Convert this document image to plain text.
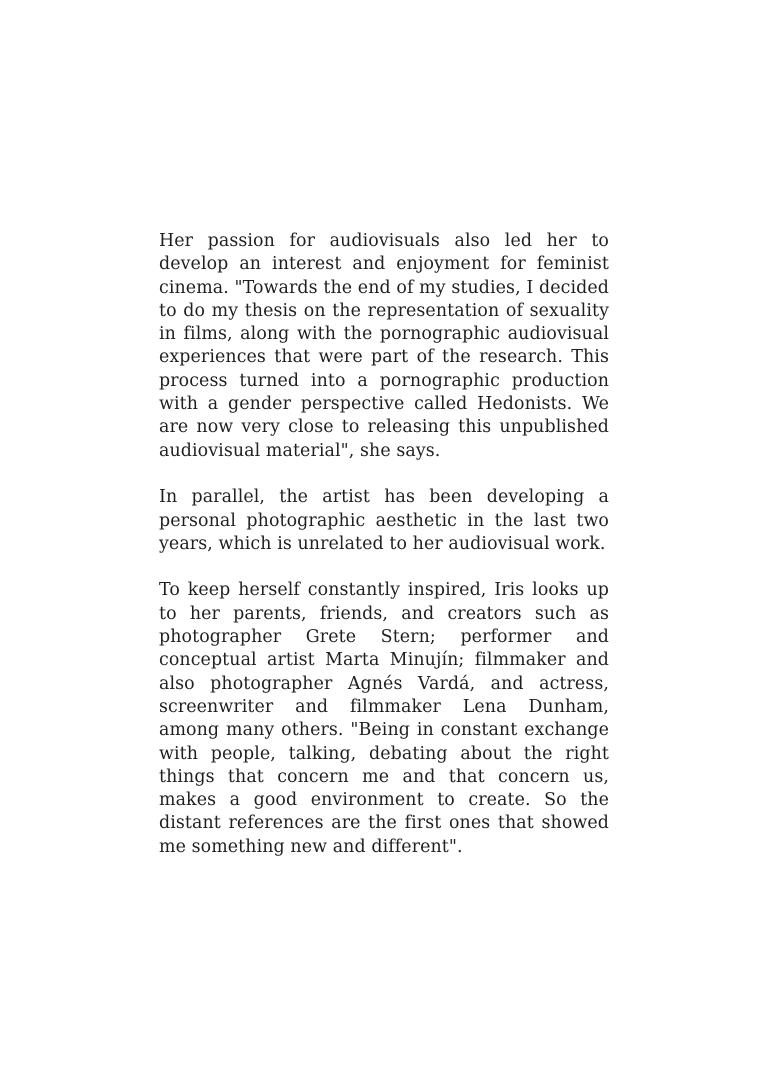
Her passion for audiovisuals also led her to develop an interest and enjoyment for feminist cinema. "Towards the end of my studies, I decided to do my thesis on the representation of sexuality in films, along with the pornographic audiovisual experiences that were part of the research. This process turned into a pornographic production with a gender perspective called Hedonists. We are now very close to releasing this unpublished audiovisual material", she says.

In parallel, the artist has been developing a personal photographic aesthetic in the last two years, which is unrelated to her audiovisual work.

To keep herself constantly inspired, Iris looks up to her parents, friends, and creators such as photographer Grete Stern; performer and conceptual artist Marta Minujín; filmmaker and also photographer Agnés Vardá, and actress, screenwriter and filmmaker Lena Dunham, among many others. "Being in constant exchange with people, talking, debating about the right things that concern me and that concern us, makes a good environment to create. So the distant references are the first ones that showed me something new and different".
